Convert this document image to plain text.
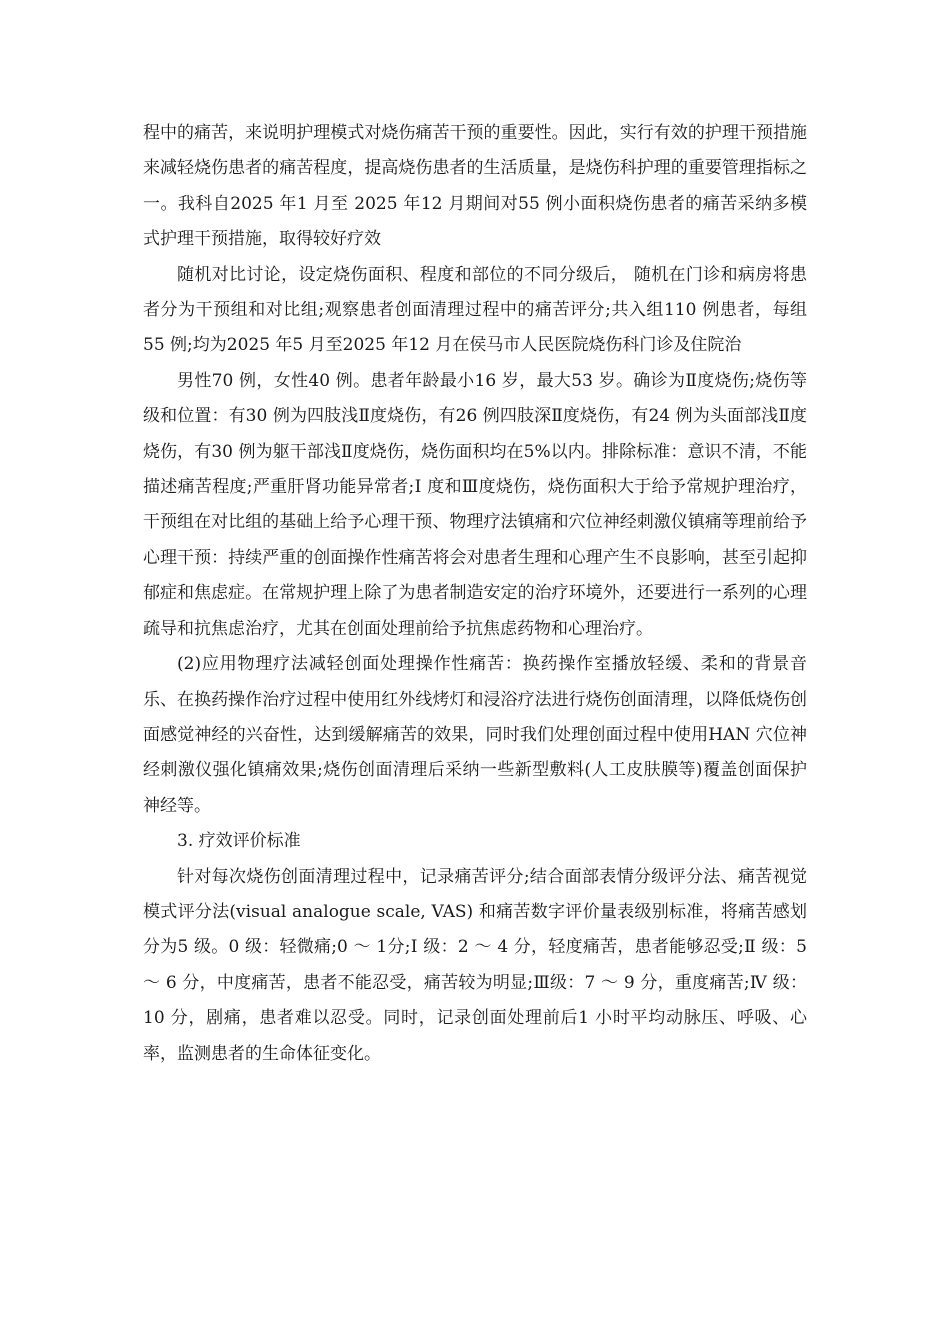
程中的痛苦，来说明护理模式对烧伤痛苦干预的重要性。因此，实行有效的护理干预措施来减轻烧伤患者的痛苦程度，提高烧伤患者的生活质量，是烧伤科护理的重要管理指标之一。我科自2025 年1 月至 2025 年12 月期间对55 例小面积烧伤患者的痛苦采纳多模式护理干预措施，取得较好疗效

随机对比讨论，设定烧伤面积、程度和部位的不同分级后， 随机在门诊和病房将患者分为干预组和对比组;观察患者创面清理过程中的痛苦评分;共入组110 例患者，每组55 例;均为2025 年5 月至2025 年12 月在侯马市人民医院烧伤科门诊及住院治

男性70 例，女性40 例。患者年龄最小16 岁，最大53 岁。确诊为Ⅱ度烧伤;烧伤等级和位置：有30 例为四肢浅Ⅱ度烧伤，有26 例四肢深Ⅱ度烧伤，有24 例为头面部浅Ⅱ度烧伤，有30 例为躯干部浅Ⅱ度烧伤，烧伤面积均在5%以内。排除标准：意识不清，不能描述痛苦程度;严重肝肾功能异常者;Ⅰ 度和Ⅲ度烧伤，烧伤面积大于给予常规护理治疗，干预组在对比组的基础上给予心理干预、物理疗法镇痛和穴位神经刺激仪镇痛等理前给予心理干预：持续严重的创面操作性痛苦将会对患者生理和心理产生不良影响，甚至引起抑郁症和焦虑症。在常规护理上除了为患者制造安定的治疗环境外，还要进行一系列的心理疏导和抗焦虑治疗，尤其在创面处理前给予抗焦虑药物和心理治疗。

(2)应用物理疗法减轻创面处理操作性痛苦：换药操作室播放轻缓、柔和的背景音乐、在换药操作治疗过程中使用红外线烤灯和浸浴疗法进行烧伤创面清理，以降低烧伤创面感觉神经的兴奋性，达到缓解痛苦的效果，同时我们处理创面过程中使用HAN 穴位神经刺激仪强化镇痛效果;烧伤创面清理后采纳一些新型敷料(人工皮肤膜等)覆盖创面保护神经等。

3. 疗效评价标准

针对每次烧伤创面清理过程中，记录痛苦评分;结合面部表情分级评分法、痛苦视觉模式评分法(visual analogue scale, VAS) 和痛苦数字评价量表级别标准，将痛苦感划分为5 级。0 级：轻微痛;0 ～ 1分;Ⅰ 级：2 ～ 4 分，轻度痛苦，患者能够忍受;Ⅱ 级：5 ～ 6 分，中度痛苦，患者不能忍受，痛苦较为明显;Ⅲ级：7 ～ 9 分，重度痛苦;Ⅳ 级：10 分，剧痛，患者难以忍受。同时，记录创面处理前后1 小时平均动脉压、呼吸、心率，监测患者的生命体征变化。
